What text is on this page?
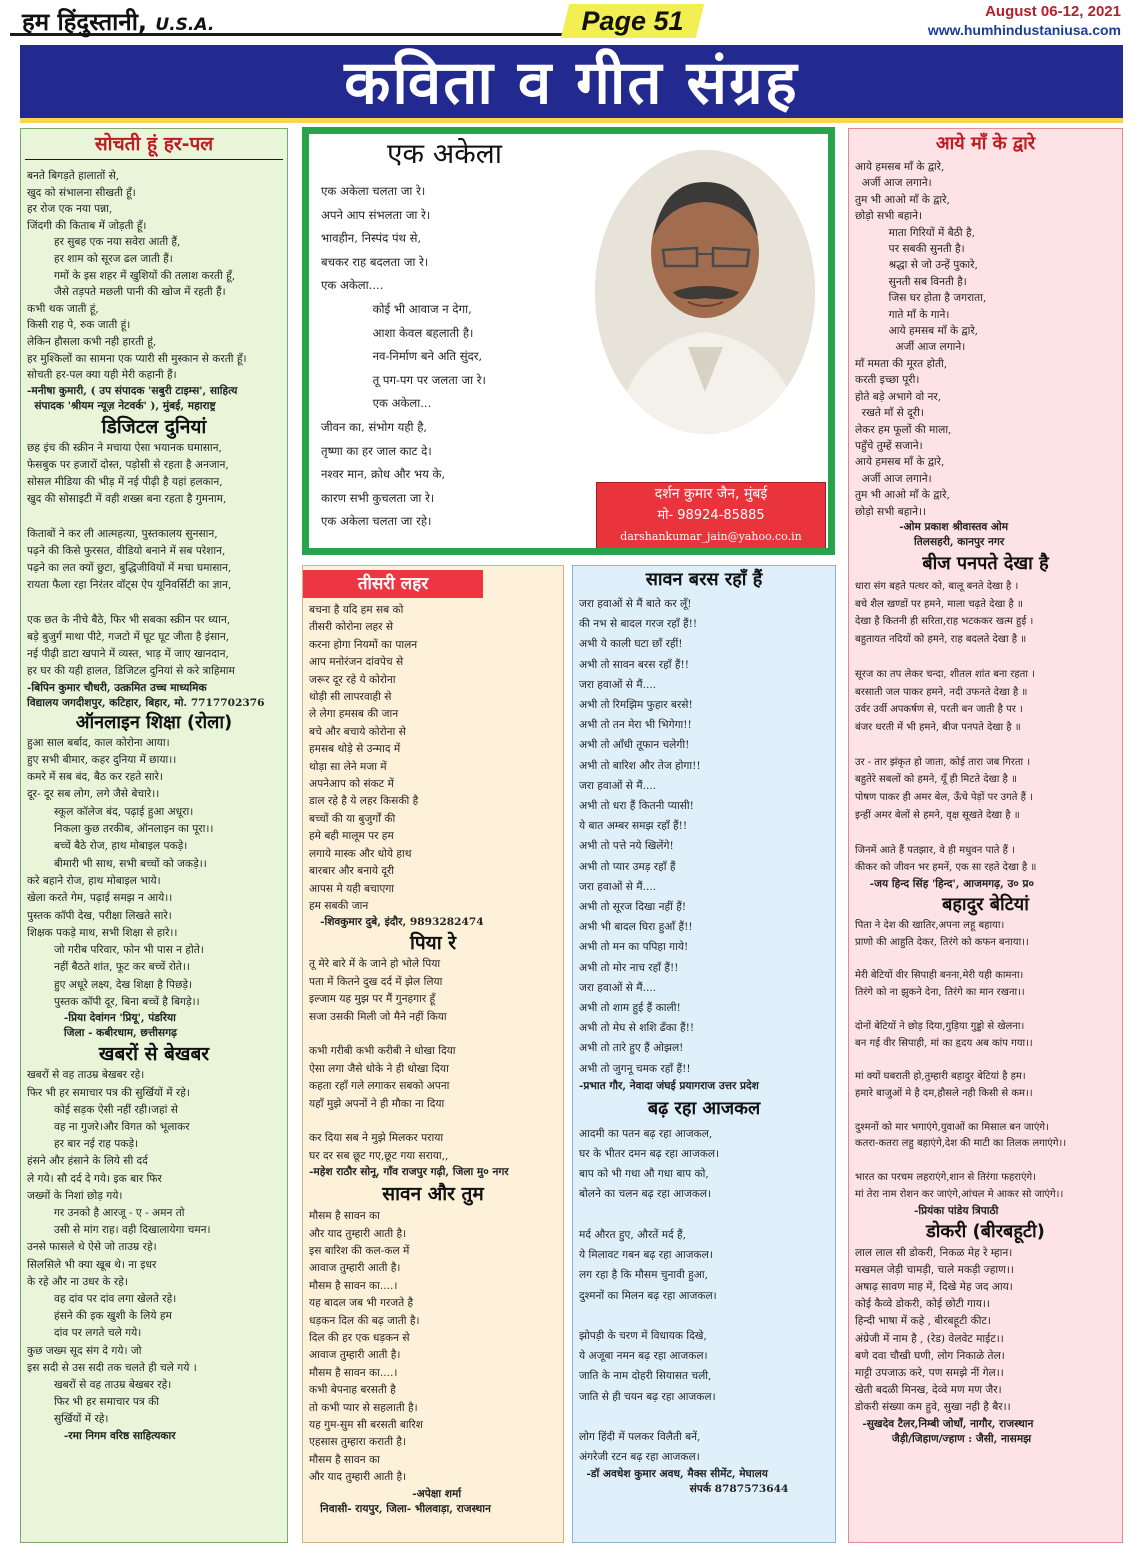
हम हिंदुस्तानी, U.S.A.	Page 51	August 06-12, 2021
www.humhindustaniusa.com
कविता व गीत संग्रह
सोचती हूं हर-पल
बनते बिगड़ते हालातों से,
खुद को संभालना सीखती हूँ।
हर रोज एक नया पन्ना,
जिंदगी की किताब में जोड़ती हूँ।
हर सुबह एक नया सवेरा आती हैं,
हर शाम को सूरज ढल जाती हैं।
गमों के इस शहर में खुशियों की तलाश करती हूँ,
जैसे तड़पते मछली पानी की खोज में रहती हैं।
कभी थक जाती हूं,
किसी राह पे, रुक जाती हूं।
लेकिन हौसला कभी नही हारती हूं,
हर मुश्किलों का सामना एक प्यारी सी मुस्कान से करती हूँ।
सोचती हर-पल क्या यही मेरी कहानी हैं।
-मनीषा कुमारी, ( उप संपादक 'सबुरी टाइम्स', साहित्य
संपादक 'श्रीयम न्यूज़ नेटवर्क' ), मुंबई, महाराष्ट्र
डिजिटल दुनियां
छह इंच की स्क्रीन ने मचाया ऐसा भयानक घमासान,
फेसबुक पर हजारों दोस्त, पड़ोसी से रहता है अनजान,
सोसल मीडिया की भीड़ में नई पीढ़ी है यहां हलकान,
खुद की सोसाइटी में वही शख्स बना रहता है गुमनाम,

किताबों ने कर ली आत्महत्या, पुस्तकालय सुनसान,
पढ़ने की किसे फुरसत, वीडियो बनाने में सब परेशान,
पढ़ने का लत क्यों छुटा, बुद्धिजीवियों में मचा घमासान,
रायता फैला रहा निरंतर वॉट्स ऐप यूनिवर्सिटी का ज्ञान,

एक छत के नीचे बैठे, फिर भी सबका स्क्रीन पर ध्यान,
बड़े बुजुर्ग माथा पीटे, गजटो में घूट घूट जीता है इंसान,
नई पीढ़ी डाटा खपाने में व्यस्त, भाड़ में जाए खानदान,
हर घर की यही हालत, डिजिटल दुनियां से करे त्राहिमाम
-बिपिन कुमार चौधरी, उत्क्रमित उच्च माध्यमिक
विद्यालय जगदीशपुर, कटिहार, बिहार, मो. 7717702376
ऑनलाइन शिक्षा (रोला)
हुआ साल बर्बाद, काल कोरोना आया।
हुए सभी बीमार, कहर दुनिया में छाया।।
कमरे में सब बंद, बैठ कर रहते सारे।
दूर- दूर सब लोग, लगे जैसे बेचारे।।
स्कूल कॉलेज बंद, पढ़ाई हुआ अधूरा।
निकला कुछ तरकीब, ऑनलाइन का पूरा।।
बच्चें बैठे रोज, हाथ मोबाइल पकड़े।
बीमारी भी साथ, सभी बच्चों को जकड़े।।
करे बहाने रोज, हाथ मोबाइल भाये।
खेला करते गेम, पढ़ाई समझ न आये।।
पुस्तक कॉपी देख, परीक्षा लिखते सारे।
शिक्षक पकड़े माथ, सभी शिक्षा से हारे।।
जो गरीब परिवार, फोन भी पास न होते।
नहीं बैठते शांत, फूट कर बच्चें रोते।।
हुए अधूरे लक्ष्य, देख शिक्षा है पिछड़े।
पुस्तक कॉपी दूर, बिना बच्चें है बिगड़े।।
-प्रिया देवांगन 'प्रियू', पंडरिया
जिला - कबीरधाम, छत्तीसगढ़
खबरों से बेखबर
खबरों से वह ताउम्र बेखबर रहे।
फिर भी हर समाचार पत्र की सुर्खियों में रहे।
कोई सड़क ऐसी नहीं रही।जहां से
वह ना गुजरे।और विगत को भूलाकर
हर बार नई राह पकड़े।
हंसने और हंसाने के लिये सी दर्द
ले गये। सौ दर्द दे गये। इक बार फिर
जख्मों के निशां छोड़ गये।
गर उनको है आरजू - ए - अमन तो
उसी से मांग राह। वही दिखालायेगा चमन।
उनसे फासले थे ऐसे जो ताउम्र रहे।
सिलसिले भी क्या खूब थे। ना इधर
के रहे और ना उधर के रहे।
वह दांव पर दांव लगा खेलते रहे।
हंसने की इक खुशी के लिये हम
दांव पर लगते चले गये।
कुछ जख्म सूद संग दे गये। जो
इस सदी से उस सदी तक चलते ही चले गये ।
खबरों से वह ताउम्र बेखबर रहे।
फिर भी हर समाचार पत्र की
सुर्खियों में रहे।
-रमा निगम वरिष्ठ साहित्यकार
एक अकेला
एक अकेला चलता जा रे।
अपने आप संभलता जा रे।
भावहीन, निस्पंद पंथ से,
बचकर राह बदलता जा रे।
एक अकेला....
कोई भी आवाज न देगा,
आशा केवल बहलाती है।
नव-निर्माण बने अति सुंदर,
तू पग-पग पर जलता जा रे।
एक अकेला...
जीवन का, संभोग यही है,
तृष्णा का हर जाल काट दे।
नश्वर मान, क्रोध और भय के,
कारण सभी कुचलता जा रे।
एक अकेला चलता जा रहे।
दर्शन कुमार जैन, मुंबई
मो- 98924-85885
darshankumar_jain@yahoo.co.in
तीसरी लहर
बचना है यदि हम सब को
तीसरी कोरोना लहर से
करना होगा नियमों का पालन
आप मनोरंजन दांवपेच से
जरूर दूर रहे ये कोरोना
थोड़ी सी लापरवाही से
ले लेगा हमसब की जान
बचे और बचाये कोरोना से
हमसब थोड़े से उन्माद में
थोड़ा सा लेने मजा में
अपनेआप को संकट में
डाल रहे है ये लहर किसकी है
बच्चों की या बुजुर्गों की
हमे बही मालूम पर हम
लगाये मास्क और धोये हाथ
बारबार और बनाये दूरी
आपस मे यही बचाएगा
हम सबकी जान
-शिवकुमार दुबे, इंदौर, 9893282474
पिया रे
तू मेरे बारे में के जाने हो भोले पिया
पता में कितने दुख दर्द में झेल लिया
इल्जाम यह मुझ पर मैं गुनहगार हूँ
सजा उसकी मिली जो मैने नहीं किया

कभी गरीबी कभी करीबी ने धोखा दिया
ऐसा लगा जैसे धोके ने ही धोखा दिया
कहता रहाँ गले लगाकर सबको अपना
यहाँ मुझे अपनों ने ही मौका ना दिया

कर दिया सब ने मुझे मिलकर पराया
घर दर सब छूट गए,छूट गया सराया,,
-महेश राठौर सोनू, गाँव राजपुर गढ़ी, जिला मु० नगर
सावन और तुम
मौसम है सावन का
और याद तुम्हारी आती है।
इस बारिश की कल-कल में
आवाज तुम्हारी आती है।
मौसम है सावन का....।
यह बादल जब भी गरजते है
धड़कन दिल की बढ़ जाती है।
दिल की हर एक धड़कन से
आवाज तुम्हारी आती है।
मौसम है सावन का....।
कभी बेपनाह बरसती है
तो कभी प्यार से सहलाती है।
यह गुम-सुम सी बरसती बारिश
एहसास तुम्हारा कराती है।
मौसम है सावन का
और याद तुम्हारी आती है।
-अपेक्षा शर्मा
निवासी- रायपुर, जिला- भीलवाड़ा, राजस्थान
सावन बरस रहाँ हैं
जरा हवाओं से मैं बाते कर लूँ!
की नभ से बादल गरज रहाँ हैं!!
अभी ये काली घटा छाँ रहीं!
अभी तो सावन बरस रहाँ हैं!!
जरा हवाओं से मैं....
अभी तो रिमझिम फुहार बरसे!
अभी तो तन मेरा भी भिगेगा!!
अभी तो आँधी तूफान चलेगी!
अभी तो बारिश और तेज होगा!!
जरा हवाओं से मैं....
अभी तो धरा हैं कितनी प्यासी!
ये बात अम्बर समझ रहाँ हैं!!
अभी तो पत्ते नये खिलेंगे!
अभी तो प्यार उमड़ रहाँ हैं
जरा हवाओं से मैं....
अभी तो सूरज दिखा नहीं हैं!
अभी भी बादल घिरा हुआँ हैं!!
अभी तो मन का पपिहा गाये!
अभी तो मोर नाच रहाँ हैं!!
जरा हवाओं से मैं....
अभी तो शाम हुई हैं काली!
अभी तो मेघ से शशि ढँका हैं!!
अभी तो तारे हुए हैं ओझल!
अभी तो जुगनू चमक रहाँ हैं!!
-प्रभात गौर, नेवादा जंघई प्रयागराज उत्तर प्रदेश
बढ़ रहा आजकल
आदमी का पतन बढ़ रहा आजकल,
घर के भीतर दमन बढ़ रहा आजकल।
बाप को भी गधा औ गधा बाप को,
बोलने का चलन बढ़ रहा आजकल।

मर्द औरत हुए, औरतें मर्द हैं,
ये मिलावट गबन बढ़ रहा आजकल।
लग रहा है कि मौसम चुनावी हुआ,
दुश्मनों का मिलन बढ़ रहा आजकल।

झोपड़ी के चरण में विधायक दिखे,
ये अजूबा नमन बढ़ रहा आजकल।
जाति के नाम दोहरी सियासत चली,
जाति से ही चयन बढ़ रहा आजकल।

लोग हिंदी में पलकर विलैती बनें,
अंगरेजी रटन बढ़ रहा आजकल।
-डॉ अवधेश कुमार अवध, मैक्स सीमेंट, मेघालय
संपर्क 8787573644
आये माँ के द्वारे
आये हमसब माँ के द्वारे,
अर्जी आज लगाने।
तुम भी आओ माँ के द्वारे,
छोड़ो सभी बहाने।
माता गिरियों में बैठी है,
पर सबकी सुनती है।
श्रद्धा से जो उन्हें पुकारे,
सुनती सब विनती है।
जिस घर होता है जगराता,
गाते माँ के गाने।
आये हमसब माँ के द्वारे,
अर्जी आज लगाने।
माँ ममता की मूरत होती,
करती इच्छा पूरी।
होते बड़े अभागे वो नर,
रखते माँ से दूरी।
लेकर हम फूलों की माला,
पहुँचे तुम्हें सजाने।
आये हमसब माँ के द्वारे,
अर्जी आज लगाने।
तुम भी आओ माँ के द्वारे,
छोड़ो सभी बहाने।।
-ओम प्रकाश श्रीवास्तव ओम
तिलसहरी, कानपुर नगर
बीज पनपते देखा है
धारा संग बहते पत्थर को, बालू बनते देखा है ।
बचे शैल खण्डों पर हमने, माला चढ़ते देखा है ॥
देखा है कितनी ही सरिता,राह भटककर खत्म हुई ।
बहुतायत नदियों को हमने, राह बदलते देखा है ॥

सूरज का तप लेकर चन्दा, शीतल शांत बना रहता ।
बरसाती जल पाकर हमने, नदी उफनते देखा है ॥
उर्वर उर्वी अपकर्षण से, परती बन जाती है पर ।
बंजर धरती में भी हमने, बीज पनपते देखा है ॥

उर - तार झंकृत हो जाता, कोई तारा जब गिरता ।
बहुतेरे सबलों को हमने, यूँ ही मिटते देखा है ॥
पोषण पाकर ही अमर बेल, ऊँचे पेड़ों पर उगते हैं ।
इन्हीं अमर बेलों से हमने, वृक्ष सूखते देखा है ॥

जिनमें आते हैं पतझार, वे ही मधुवन पाते हैं ।
कीकर को जीवन भर हमनें, एक सा रहते देखा है ॥
-जय हिन्द सिंह 'हिन्द', आजमगढ़, उ० प्र०
बहादुर बेटियां
पिता ने देश की खातिर,अपना लहू बहाया।
प्राणो की आहुति देकर, तिरंगे को कफन बनाया।।

मेरी बेटियों वीर सिपाही बनना,मेरी यही कामना।
तिरंगे को ना झुकने देना, तिरंगे का मान रखना।।

दोनों बेटियों ने छोड़ दिया,गुड़िया गुड्डो से खेलना।
बन गई वीर सिपाही, मां का हृदय अब कांप गया।।

मां क्यों घबराती हो,तुम्हारी बहादुर बेटियां है हम।
हमारे बाजुओं मे है दम,हौसले नही किसी से कम।।

दुश्मनों को मार भगाएंगे,युवाओं का मिसाल बन जाएंगे।
कतरा-कतरा लहु बहाएंगे,देश की माटी का तिलक लगाएंगे।।

भारत का परचम लहराएंगे,शान से तिरंगा फहराएंगे।
मां तेरा नाम रोशन कर जाएंगे,आंचल मे आकर सो जाएंगे।।
-प्रियंका पांडेय त्रिपाठी
डोकरी (बीरबहूटी)
लाल लाल सी डोकरी, निकळ मेह रे म्हान।
मखमल जेड़ी चामड़ी, चाले मकड़ी ज्हाण।।
अषाढ़ सावण माह में, दिखे मेह जद आय।
कोई कैव्वे डोकरी, कोई छोटी गाय।।
हिन्दी भाषा में कहे , बीरबहूटी कीट।
अंग्रेजी में नाम है , (रेड) वेलवेट माईट।।
बणे दवा चौखी घणी, लोग निकाळे तेल।
माट्टी उपजाऊ करे, पण समझे नीं गेल।।
खेती बदळी मिनख, देव्वे मण मण जैर।
डोकरी संख्या कम हुवे, सुखा नही है बैर।।
-सुखदेव टैलर,निम्बी जोधाँ, नागौर, राजस्थान
जैड़ी/जिहाण/ज्हाण : जैसी, नासमझ
